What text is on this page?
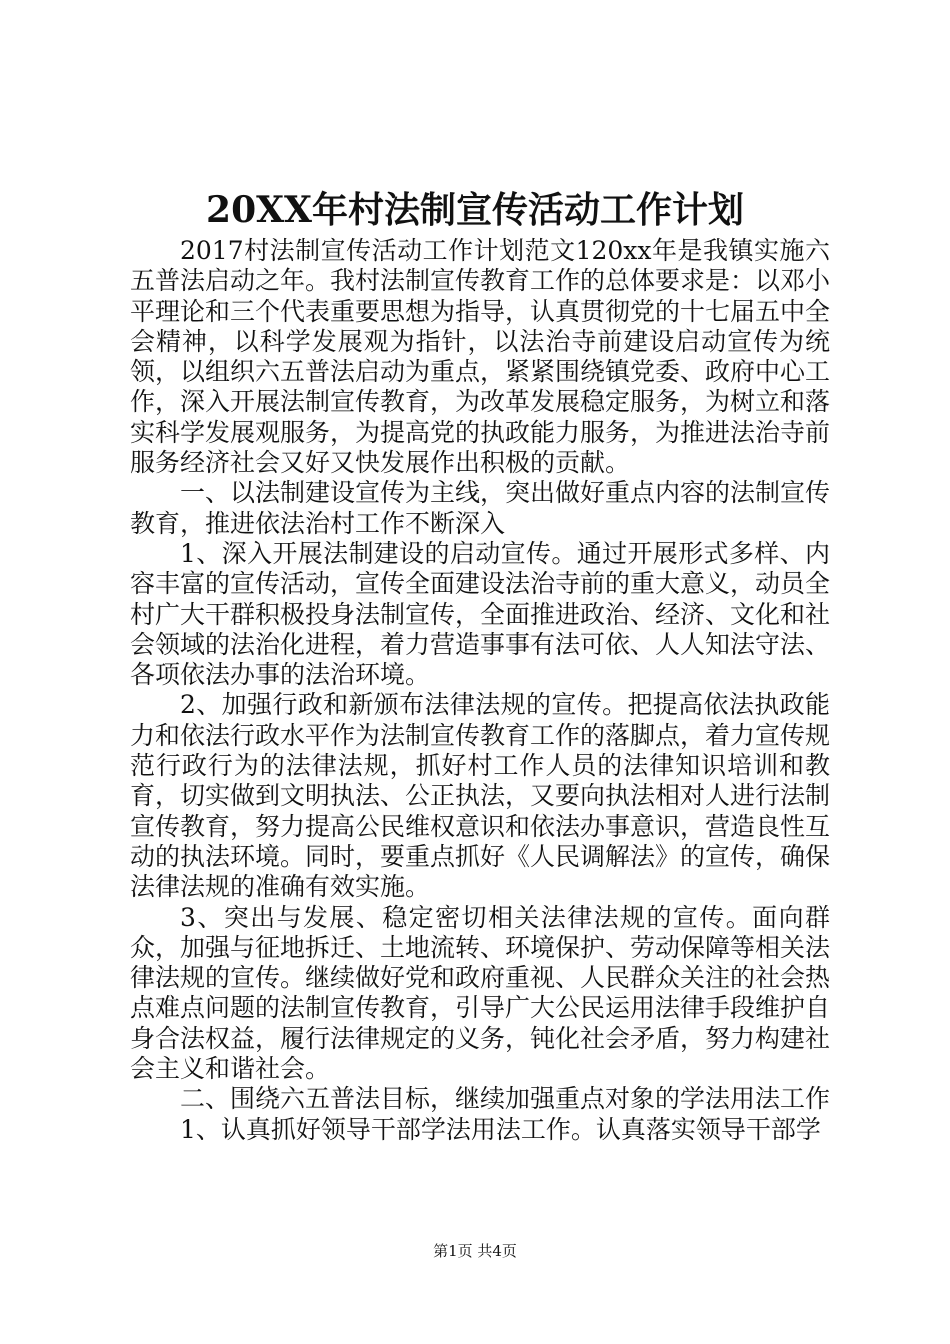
20XX年村法制宣传活动工作计划

2017村法制宣传活动工作计划范文120xx年是我镇实施六五普法启动之年。我村法制宣传教育工作的总体要求是：以邓小平理论和三个代表重要思想为指导，认真贯彻党的十七届五中全会精神，以科学发展观为指针，以法治寺前建设启动宣传为统领，以组织六五普法启动为重点，紧紧围绕镇党委、政府中心工作，深入开展法制宣传教育，为改革发展稳定服务，为树立和落实科学发展观服务，为提高党的执政能力服务，为推进法治寺前服务经济社会又好又快发展作出积极的贡献。

一、以法制建设宣传为主线，突出做好重点内容的法制宣传教育，推进依法治村工作不断深入

1、深入开展法制建设的启动宣传。通过开展形式多样、内容丰富的宣传活动，宣传全面建设法治寺前的重大意义，动员全村广大干群积极投身法制宣传，全面推进政治、经济、文化和社会领域的法治化进程，着力营造事事有法可依、人人知法守法、各项依法办事的法治环境。

2、加强行政和新颁布法律法规的宣传。把提高依法执政能力和依法行政水平作为法制宣传教育工作的落脚点，着力宣传规范行政行为的法律法规，抓好村工作人员的法律知识培训和教育，切实做到文明执法、公正执法，又要向执法相对人进行法制宣传教育，努力提高公民维权意识和依法办事意识，营造良性互动的执法环境。同时，要重点抓好《人民调解法》的宣传，确保法律法规的准确有效实施。

3、突出与发展、稳定密切相关法律法规的宣传。面向群众，加强与征地拆迁、土地流转、环境保护、劳动保障等相关法律法规的宣传。继续做好党和政府重视、人民群众关注的社会热点难点问题的法制宣传教育，引导广大公民运用法律手段维护自身合法权益，履行法律规定的义务，钝化社会矛盾，努力构建社会主义和谐社会。

二、围绕六五普法目标，继续加强重点对象的学法用法工作

1、认真抓好领导干部学法用法工作。认真落实领导干部学

第1页 共4页
